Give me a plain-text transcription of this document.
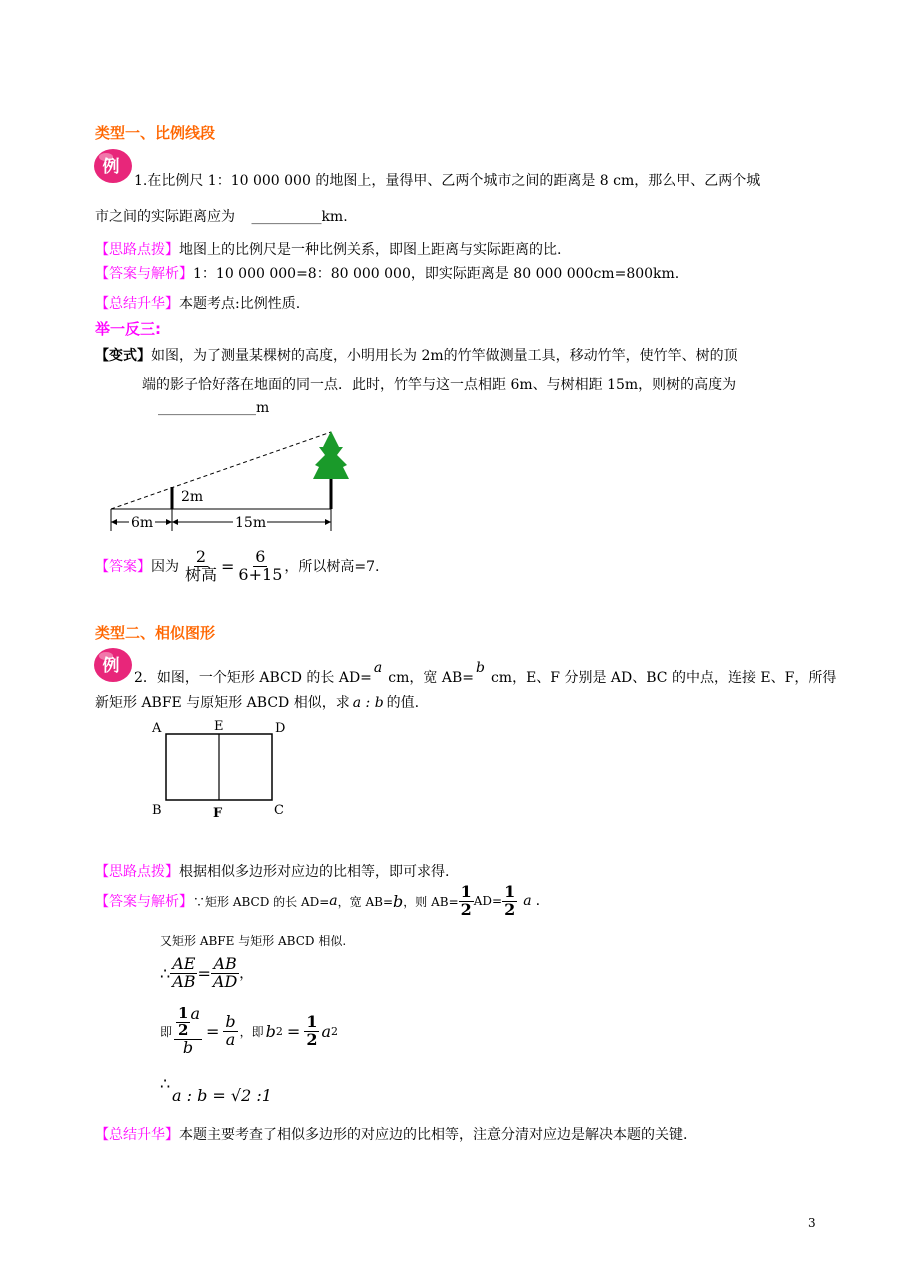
类型一、比例线段
例
1.在比例尺 1：10 000 000 的地图上，量得甲、乙两个城市之间的距离是 8 cm，那么甲、乙两个城
市之间的实际距离应为 __________km.
【思路点拨】地图上的比例尺是一种比例关系，即图上距离与实际距离的比.
【答案与解析】1：10 000 000=8：80 000 000，即实际距离是 80 000 000cm=800km.
【总结升华】本题考点:比例性质.
举一反三:
【变式】如图，为了测量某棵树的高度，小明用长为 2m的竹竿做测量工具，移动竹竿，使竹竿、树的顶
端的影子恰好落在地面的同一点．此时，竹竿与这一点相距 6m、与树相距 15m，则树的高度为
______________m
2m
6m	15m
【答案】 因为 $\frac{2}{\text{树高}} = \frac{6}{6+15}$ ，所以树高=7.
类型二、相似图形
例
2．如图，一个矩形 ABCD 的长 AD=acm，宽 AB=bcm，E、F 分别是 AD、BC 的中点，连接 E、F，所得
新矩形 ABFE 与原矩形 ABCD 相似，求 a : b 的值.
A	E	D
B	F	C
【思路点拨】根据相似多边形对应边的比相等，即可求得.
【答案与解析】 ∵矩形 ABCD 的长 AD= a ，宽 AB= b ，则 $AB= \frac{1}{2} AD= \frac{1}{2}$ a .
又矩形 ABFE 与矩形 ABCD 相似.
∴ $\frac{AE}{AB} = \frac{AB}{AD}$ ，
即 $\frac{\frac{1}{2} a}{b} = \frac{b}{a}$ ，即 b $2 = \frac{1}{2}$ a 2
∴
a : b = √2 :1
【总结升华】本题主要考查了相似多边形的对应边的比相等，注意分清对应边是解决本题的关键.
3
